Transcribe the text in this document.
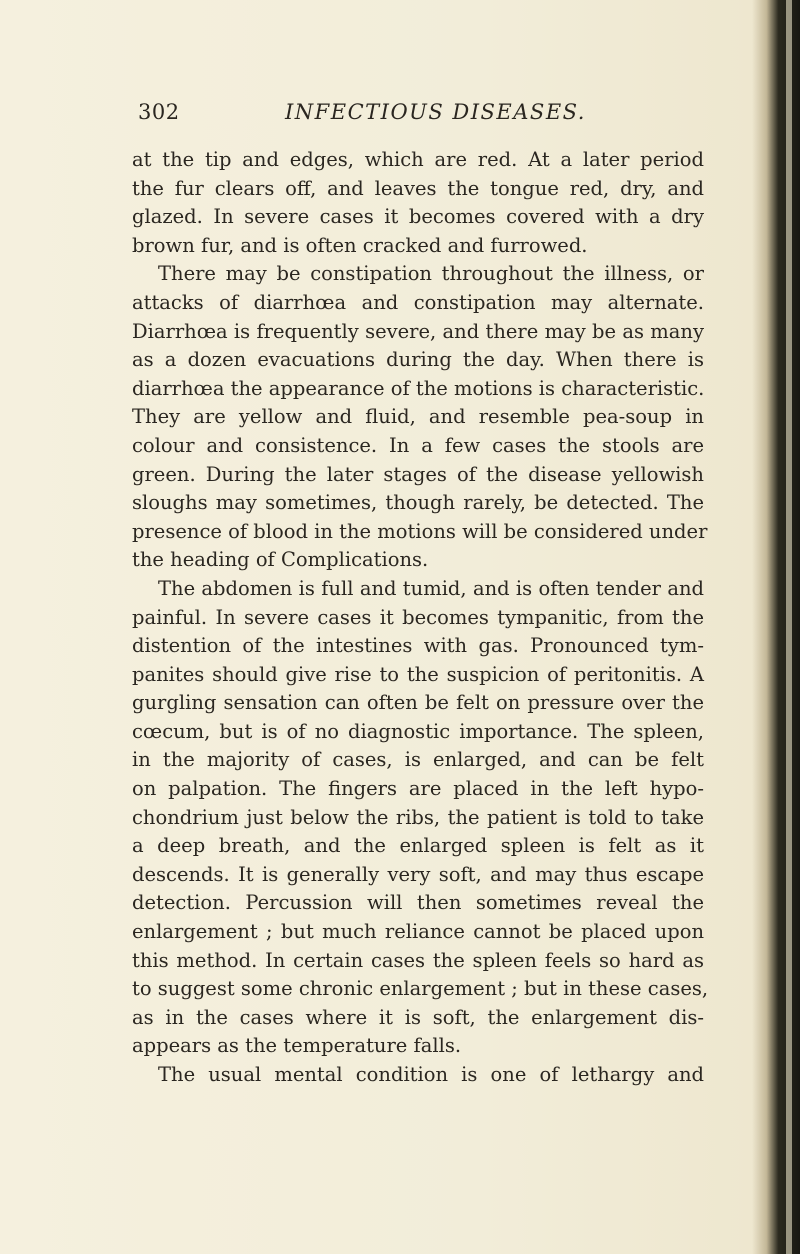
302	INFECTIOUS DISEASES.
at the tip and edges, which are red. At a later period
the fur clears off, and leaves the tongue red, dry, and
glazed. In severe cases it becomes covered with a dry
brown fur, and is often cracked and furrowed.
There may be constipation throughout the illness, or
attacks of diarrhœa and constipation may alternate.
Diarrhœa is frequently severe, and there may be as many
as a dozen evacuations during the day. When there is
diarrhœa the appearance of the motions is characteristic.
They are yellow and fluid, and resemble pea-soup in
colour and consistence. In a few cases the stools are
green. During the later stages of the disease yellowish
sloughs may sometimes, though rarely, be detected. The
presence of blood in the motions will be considered under
the heading of Complications.
The abdomen is full and tumid, and is often tender and
painful. In severe cases it becomes tympanitic, from the
distention of the intestines with gas. Pronounced tym-
panites should give rise to the suspicion of peritonitis. A
gurgling sensation can often be felt on pressure over the
cœcum, but is of no diagnostic importance. The spleen,
in the majority of cases, is enlarged, and can be felt
on palpation. The fingers are placed in the left hypo-
chondrium just below the ribs, the patient is told to take
a deep breath, and the enlarged spleen is felt as it
descends. It is generally very soft, and may thus escape
detection. Percussion will then sometimes reveal the
enlargement ; but much reliance cannot be placed upon
this method. In certain cases the spleen feels so hard as
to suggest some chronic enlargement ; but in these cases,
as in the cases where it is soft, the enlargement dis-
appears as the temperature falls.
The usual mental condition is one of lethargy and
